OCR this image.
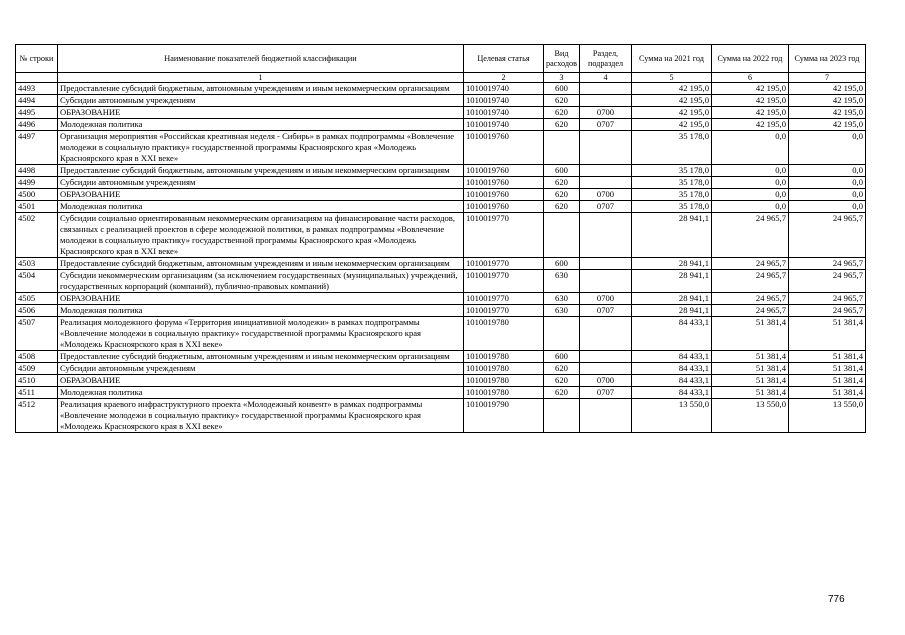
№ строки	Наименование показателей бюджетной классификации	Целевая статья	Вид расходов	Раздел, подраздел	Сумма на 2021 год	Сумма на 2022 год	Сумма на 2023 год
	1	2	3	4	5	6	7
4493	Предоставление субсидий бюджетным, автономным учреждениям и иным некоммерческим организациям	1010019740	600		42 195,0	42 195,0	42 195,0
4494	Субсидии автономным учреждениям	1010019740	620		42 195,0	42 195,0	42 195,0
4495	ОБРАЗОВАНИЕ	1010019740	620	0700	42 195,0	42 195,0	42 195,0
4496	Молодежная политика	1010019740	620	0707	42 195,0	42 195,0	42 195,0
4497	Организация мероприятия «Российская креативная неделя - Сибирь» в рамках подпрограммы «Вовлечение молодежи в социальную практику» государственной программы Красноярского края «Молодежь Красноярского края в XXI веке»	1010019760			35 178,0	0,0	0,0
4498	Предоставление субсидий бюджетным, автономным учреждениям и иным некоммерческим организациям	1010019760	600		35 178,0	0,0	0,0
4499	Субсидии автономным учреждениям	1010019760	620		35 178,0	0,0	0,0
4500	ОБРАЗОВАНИЕ	1010019760	620	0700	35 178,0	0,0	0,0
4501	Молодежная политика	1010019760	620	0707	35 178,0	0,0	0,0
4502	Субсидии социально ориентированным некоммерческим организациям на финансирование части расходов, связанных с реализацией проектов в сфере молодежной политики, в рамках подпрограммы «Вовлечение молодежи в социальную практику» государственной программы Красноярского края «Молодежь Красноярского края в XXI веке»	1010019770			28 941,1	24 965,7	24 965,7
4503	Предоставление субсидий бюджетным, автономным учреждениям и иным некоммерческим организациям	1010019770	600		28 941,1	24 965,7	24 965,7
4504	Субсидии некоммерческим организациям (за исключением государственных (муниципальных) учреждений, государственных корпораций (компаний), публично-правовых компаний)	1010019770	630		28 941,1	24 965,7	24 965,7
4505	ОБРАЗОВАНИЕ	1010019770	630	0700	28 941,1	24 965,7	24 965,7
4506	Молодежная политика	1010019770	630	0707	28 941,1	24 965,7	24 965,7
4507	Реализация молодежного форума «Территория инициативной молодежи» в рамках подпрограммы «Вовлечение молодежи в социальную практику» государственной программы Красноярского края «Молодежь Красноярского края в XXI веке»	1010019780			84 433,1	51 381,4	51 381,4
4508	Предоставление субсидий бюджетным, автономным учреждениям и иным некоммерческим организациям	1010019780	600		84 433,1	51 381,4	51 381,4
4509	Субсидии автономным учреждениям	1010019780	620		84 433,1	51 381,4	51 381,4
4510	ОБРАЗОВАНИЕ	1010019780	620	0700	84 433,1	51 381,4	51 381,4
4511	Молодежная политика	1010019780	620	0707	84 433,1	51 381,4	51 381,4
4512	Реализация краевого инфраструктурного проекта «Молодежный конвент» в рамках подпрограммы «Вовлечение молодежи в социальную практику» государственной программы Красноярского края «Молодежь Красноярского края в XXI веке»	1010019790			13 550,0	13 550,0	13 550,0
776
